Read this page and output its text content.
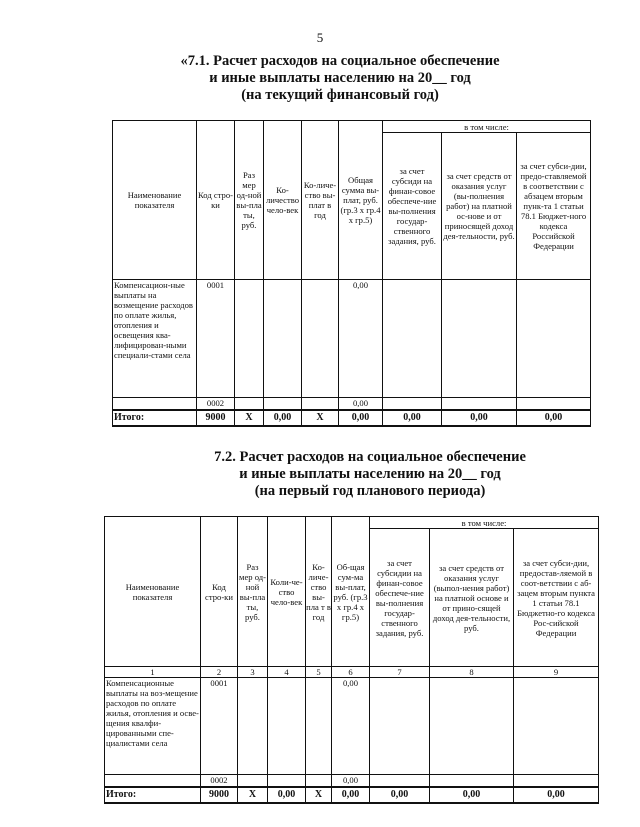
5
«7.1. Расчет расходов на социальное обеспечение
и иные выплаты населению на 20__ год
(на текущий финансовый год)
Наименование показателя	Код стро-ки	Раз мер од-ной вы-пла ты, руб.	Ко-личество чело-век	Ко-личе-ство вы-плат в год	Общая сумма вы-плат, руб. (гр.3 х гр.4 х гр.5)	в том числе:		
						за счет субсиди на финан-совое обеспече-ние вы-полнения государ-ственного задания, руб.	за счет средств от оказания услуг (вы-полнения работ) на платной ос-нове и от приносящей доход дея-тельности, руб.	за счет субси-дии, предо-ставляемой в соответствии с абзацем вторым пунк-та 1 статьи 78.1 Бюджет-ного кодекса Российской Федерации
Компенсацион-ные выплаты на возмещение расходов по оплате жилья, отопления и освещения ква-лифицирован-ными специали-стами села	0001				0,00			
	0002				0,00			
Итого:	9000	X	0,00	X	0,00	0,00	0,00	0,00
7.2. Расчет расходов на социальное обеспечение
и иные выплаты населению на 20__ год
(на первый год планового периода)
Наименование показателя	Код стро-ки	Раз мер од-ной вы-пла ты, руб.	Коли-че-ство чело-век	Ко-личе-ство вы-пла т в год	Об-щая сум-ма вы-плат, руб. (гр.3 х гр.4 х гр.5)	в том числе:		
						за счет субсидии на финан-совое обеспече-ние вы-полнения государ-ственного задания, руб.	за счет средств от оказания услуг (выпол-нения работ) на платной основе и от прино-сящей доход дея-тельности, руб.	за счет субси-дии, предостав-ляемой в соот-ветствии с аб-зацем вторым пункта 1 статьи 78.1 Бюджетно-го кодекса Рос-сийской Федерации
1	2	3	4	5	6	7	8	9
Компенсационные выплаты на воз-мещение расходов по оплате жилья, отопления и осве-щения квалфи-цированными спе-циалистами села	0001				0,00			
	0002				0,00			
Итого:	9000	X	0,00	X	0,00	0,00	0,00	0,00
